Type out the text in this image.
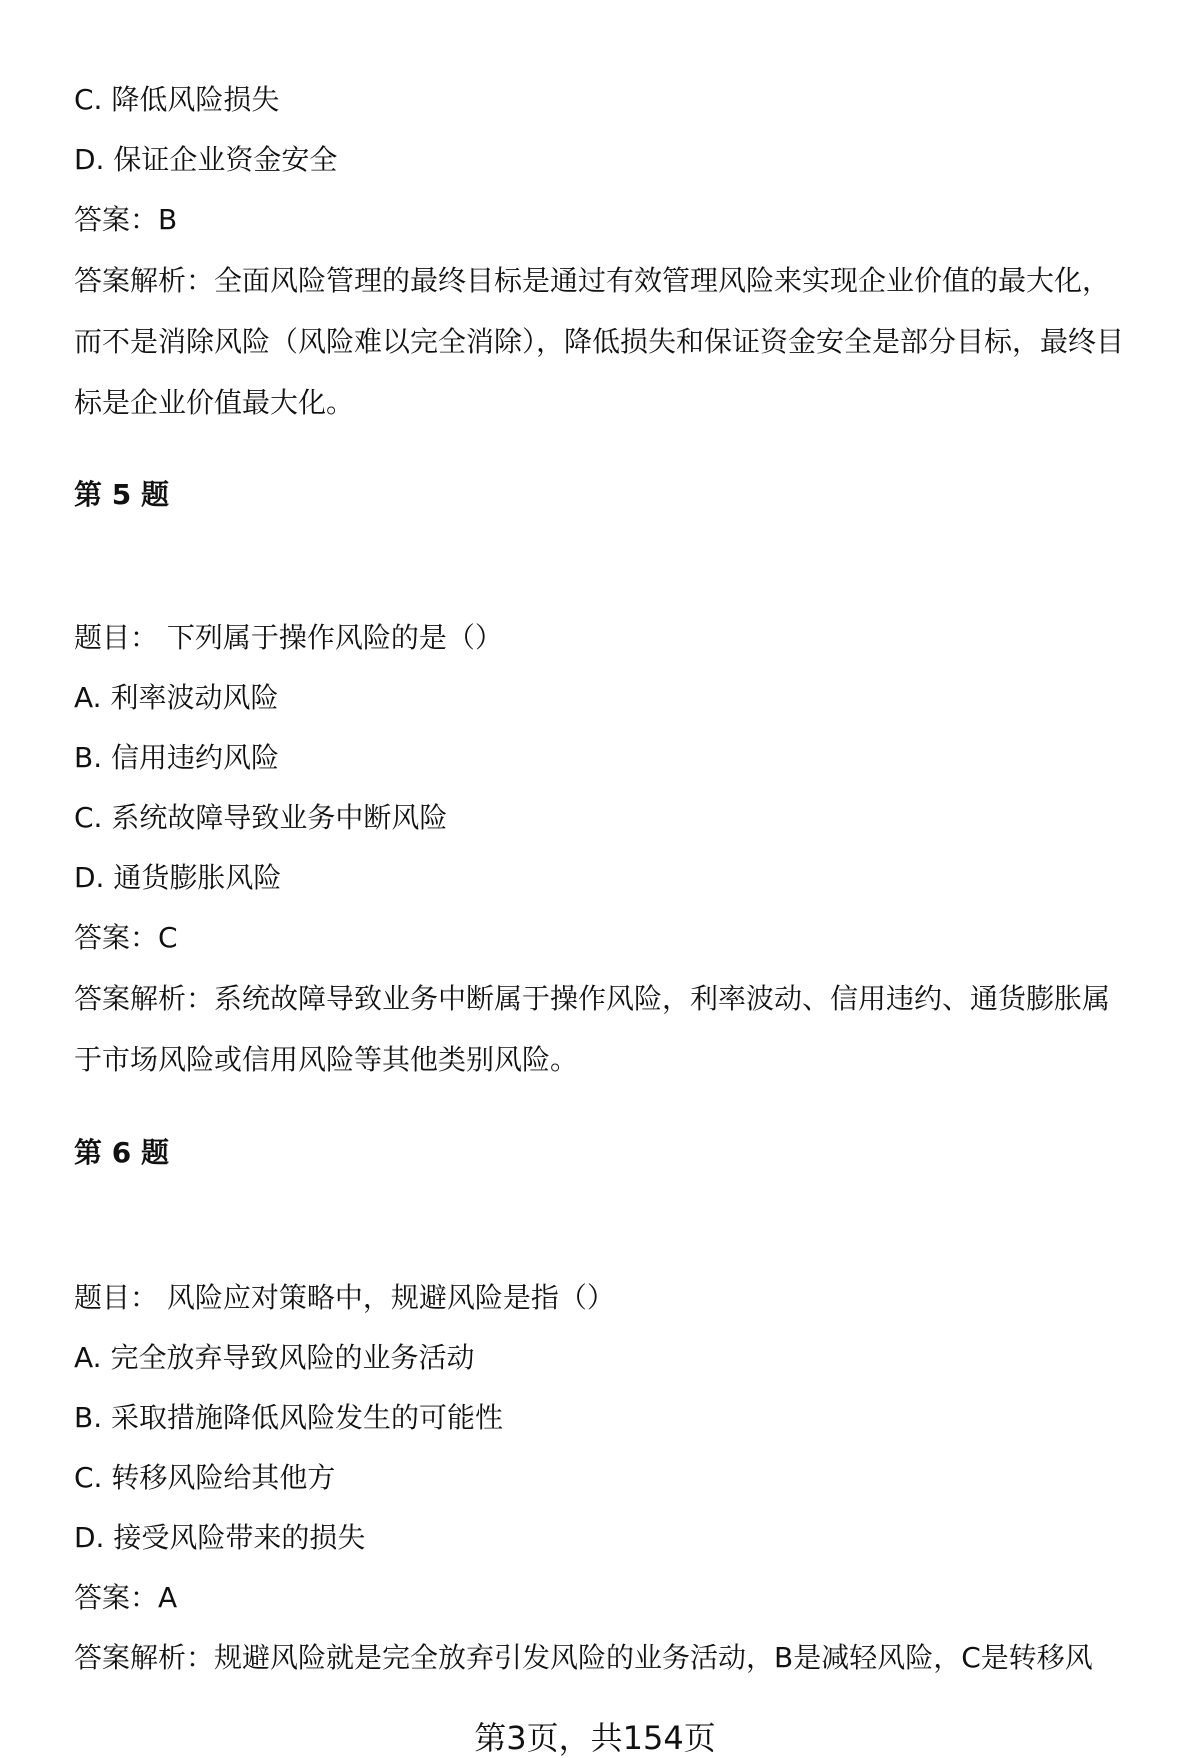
C. 降低风险损失
D. 保证企业资金安全
答案：B
答案解析：全面风险管理的最终目标是通过有效管理风险来实现企业价值的最大化，而不是消除风险（风险难以完全消除），降低损失和保证资金安全是部分目标，最终目标是企业价值最大化。
第 5 题
题目： 下列属于操作风险的是（）
A. 利率波动风险
B. 信用违约风险
C. 系统故障导致业务中断风险
D. 通货膨胀风险
答案：C
答案解析：系统故障导致业务中断属于操作风险，利率波动、信用违约、通货膨胀属于市场风险或信用风险等其他类别风险。
第 6 题
题目： 风险应对策略中，规避风险是指（）
A. 完全放弃导致风险的业务活动
B. 采取措施降低风险发生的可能性
C. 转移风险给其他方
D. 接受风险带来的损失
答案：A
答案解析：规避风险就是完全放弃引发风险的业务活动，B是减轻风险，C是转移风
第3页，共154页
